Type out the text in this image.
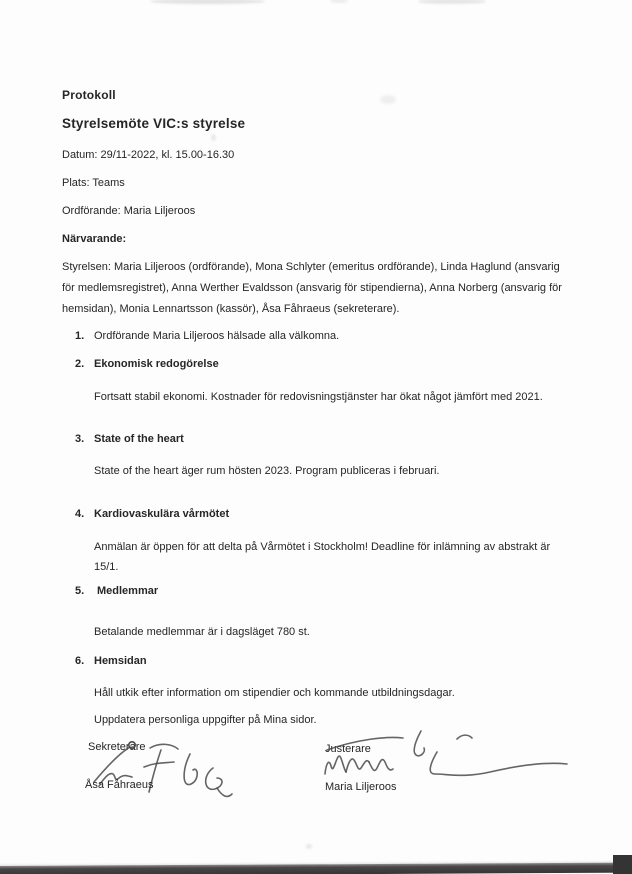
Protokoll
Styrelsemöte VIC:s styrelse
Datum: 29/11-2022, kl. 15.00-16.30
Plats: Teams
Ordförande: Maria Liljeroos
Närvarande:
Styrelsen: Maria Liljeroos (ordförande), Mona Schlyter (emeritus ordförande), Linda Haglund (ansvarig för medlemsregistret), Anna Werther Evaldsson (ansvarig för stipendierna), Anna Norberg (ansvarig för hemsidan), Monia Lennartsson (kassör), Åsa Fåhraeus (sekreterare).
1. Ordförande Maria Liljeroos hälsade alla välkomna.
2. Ekonomisk redogörelse
Fortsatt stabil ekonomi. Kostnader för redovisningstjänster har ökat något jämfört med 2021.
3. State of the heart
State of the heart äger rum hösten 2023. Program publiceras i februari.
4. Kardiovaskulära vårmötet
Anmälan är öppen för att delta på Vårmötet i Stockholm! Deadline för inlämning av abstrakt är 15/1.
5.	Medlemmar
Betalande medlemmar är i dagsläget 780 st.
6. Hemsidan
Håll utkik efter information om stipendier och kommande utbildningsdagar.
Uppdatera personliga uppgifter på Mina sidor.
Sekreterare
Åsa Fåhraeus
Justerare
Maria Liljeroos
